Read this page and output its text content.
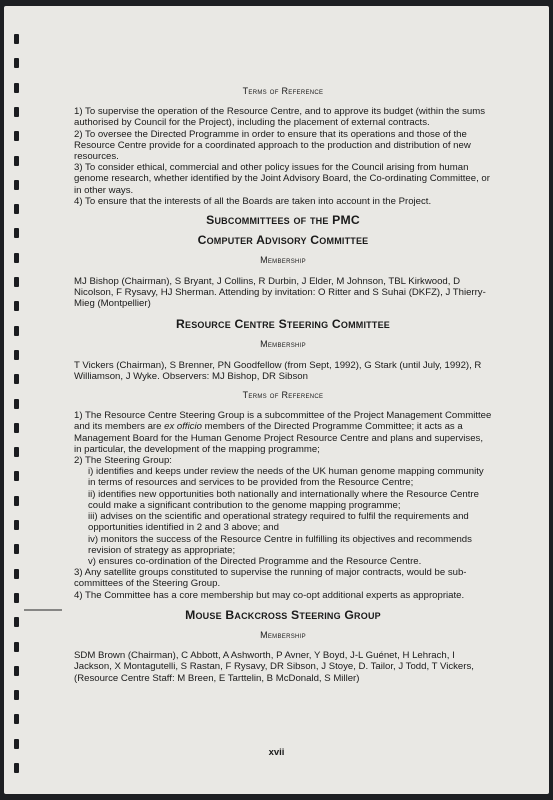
Terms of Reference

1) To supervise the operation of the Resource Centre, and to approve its budget (within the sums authorised by Council for the Project), including the placement of external contracts.
2) To oversee the Directed Programme in order to ensure that its operations and those of the Resource Centre provide for a coordinated approach to the production and distribution of new resources.
3) To consider ethical, commercial and other policy issues for the Council arising from human genome research, whether identified by the Joint Advisory Board, the Co-ordinating Committee, or in other ways.
4) To ensure that the interests of all the Boards are taken into account in the Project.

Subcommittees of the PMC

Computer Advisory Committee

Membership

MJ Bishop (Chairman), S Bryant, J Collins, R Durbin, J Elder, M Johnson, TBL Kirkwood, D Nicolson, F Rysavy, HJ Sherman. Attending by invitation: O Ritter and S Suhai (DKFZ), J Thierry-Mieg (Montpellier)

Resource Centre Steering Committee

Membership

T Vickers (Chairman), S Brenner, PN Goodfellow (from Sept, 1992), G Stark (until July, 1992), R Williamson, J Wyke. Observers: MJ Bishop, DR Sibson

Terms of Reference

1) The Resource Centre Steering Group is a subcommittee of the Project Management Committee and its members are ex officio members of the Directed Programme Committee; it acts as a Management Board for the Human Genome Project Resource Centre and plans and supervises, in particular, the development of the mapping programme;
2) The Steering Group:
i) identifies and keeps under review the needs of the UK human genome mapping community in terms of resources and services to be provided from the Resource Centre;
ii) identifies new opportunities both nationally and internationally where the Resource Centre could make a significant contribution to the genome mapping programme;
iii) advises on the scientific and operational strategy required to fulfil the requirements and opportunities identified in 2 and 3 above; and
iv) monitors the success of the Resource Centre in fulfilling its objectives and recommends revision of strategy as appropriate;
v) ensures co-ordination of the Directed Programme and the Resource Centre.
3) Any satellite groups constituted to supervise the running of major contracts, would be sub-committees of the Steering Group.
4) The Committee has a core membership but may co-opt additional experts as appropriate.

Mouse Backcross Steering Group

Membership

SDM Brown (Chairman), C Abbott, A Ashworth, P Avner, Y Boyd, J-L Guénet, H Lehrach, I Jackson, X Montagutelli, S Rastan, F Rysavy, DR Sibson, J Stoye, D. Tailor, J Todd, T Vickers, (Resource Centre Staff: M Breen, E Tarttelin, B McDonald, S Miller)

xvii
